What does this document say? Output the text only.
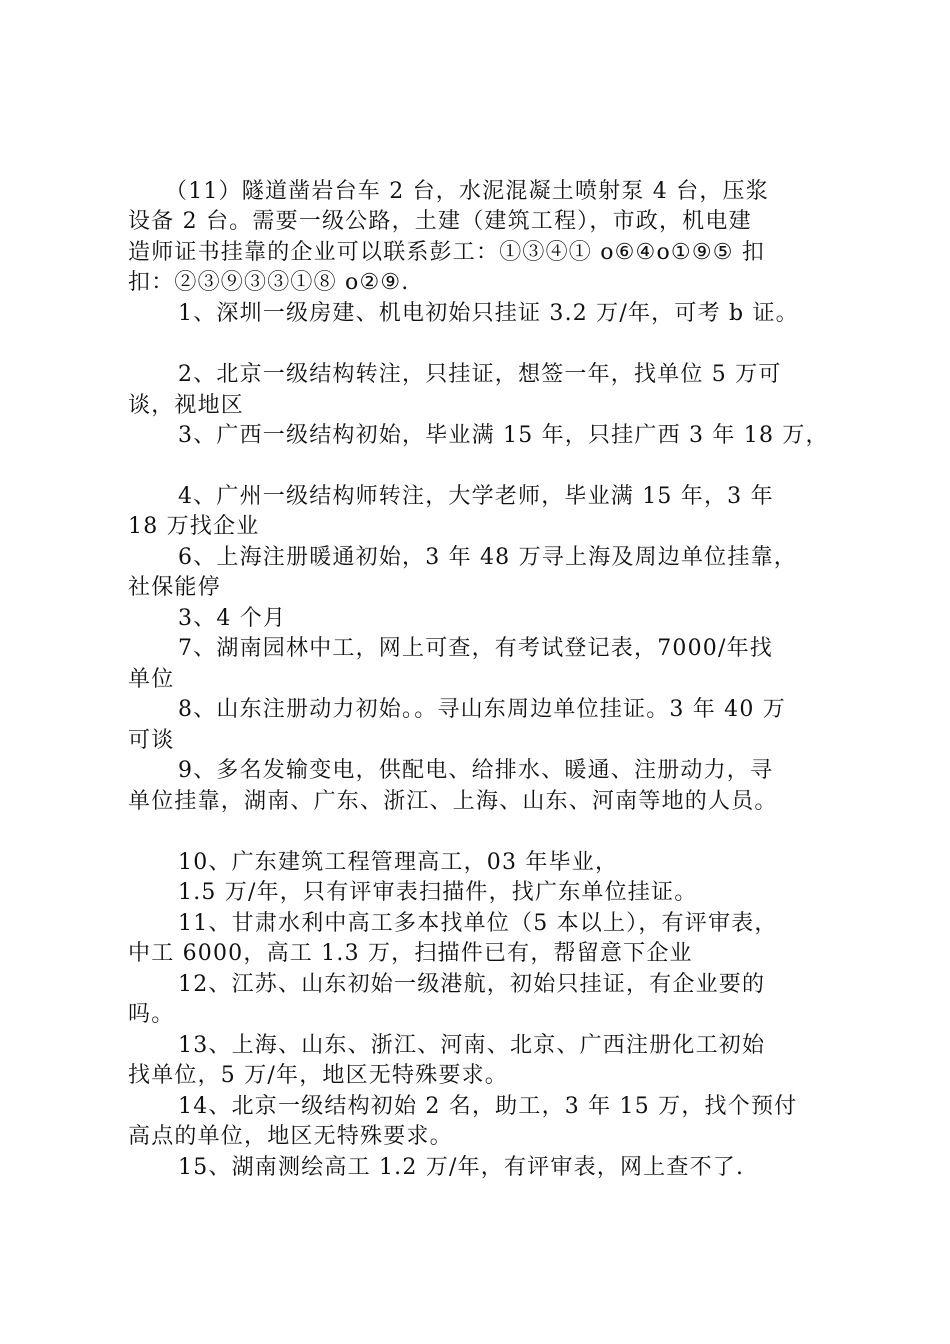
（11）隧道凿岩台车 2 台，水泥混凝土喷射泵 4 台，压浆
设备 2 台。需要一级公路，土建（建筑工程），市政，机电建
造师证书挂靠的企业可以联系彭工：①③④① o⑥④o①⑨⑤ 扣
扣：②③⑨③③①⑧ o②⑨.
1、深圳一级房建、机电初始只挂证 3.2 万/年，可考 b 证。
2、北京一级结构转注，只挂证，想签一年，找单位 5 万可
谈，视地区
3、广西一级结构初始，毕业满 15 年，只挂广西 3 年 18 万，
4、广州一级结构师转注，大学老师，毕业满 15 年，3 年
18 万找企业
6、上海注册暖通初始，3 年 48 万寻上海及周边单位挂靠，
社保能停
3、4 个月
7、湖南园林中工，网上可查，有考试登记表，7000/年找
单位
8、山东注册动力初始。。寻山东周边单位挂证。3 年 40 万
可谈
9、多名发输变电，供配电、给排水、暖通、注册动力，寻
单位挂靠，湖南、广东、浙江、上海、山东、河南等地的人员。
10、广东建筑工程管理高工，03 年毕业，
1.5 万/年，只有评审表扫描件，找广东单位挂证。
11、甘肃水利中高工多本找单位（5 本以上），有评审表，
中工 6000，高工 1.3 万，扫描件已有，帮留意下企业
12、江苏、山东初始一级港航，初始只挂证，有企业要的
吗。
13、上海、山东、浙江、河南、北京、广西注册化工初始
找单位，5 万/年，地区无特殊要求。
14、北京一级结构初始 2 名，助工，3 年 15 万，找个预付
高点的单位，地区无特殊要求。
15、湖南测绘高工 1.2 万/年，有评审表，网上查不了.
